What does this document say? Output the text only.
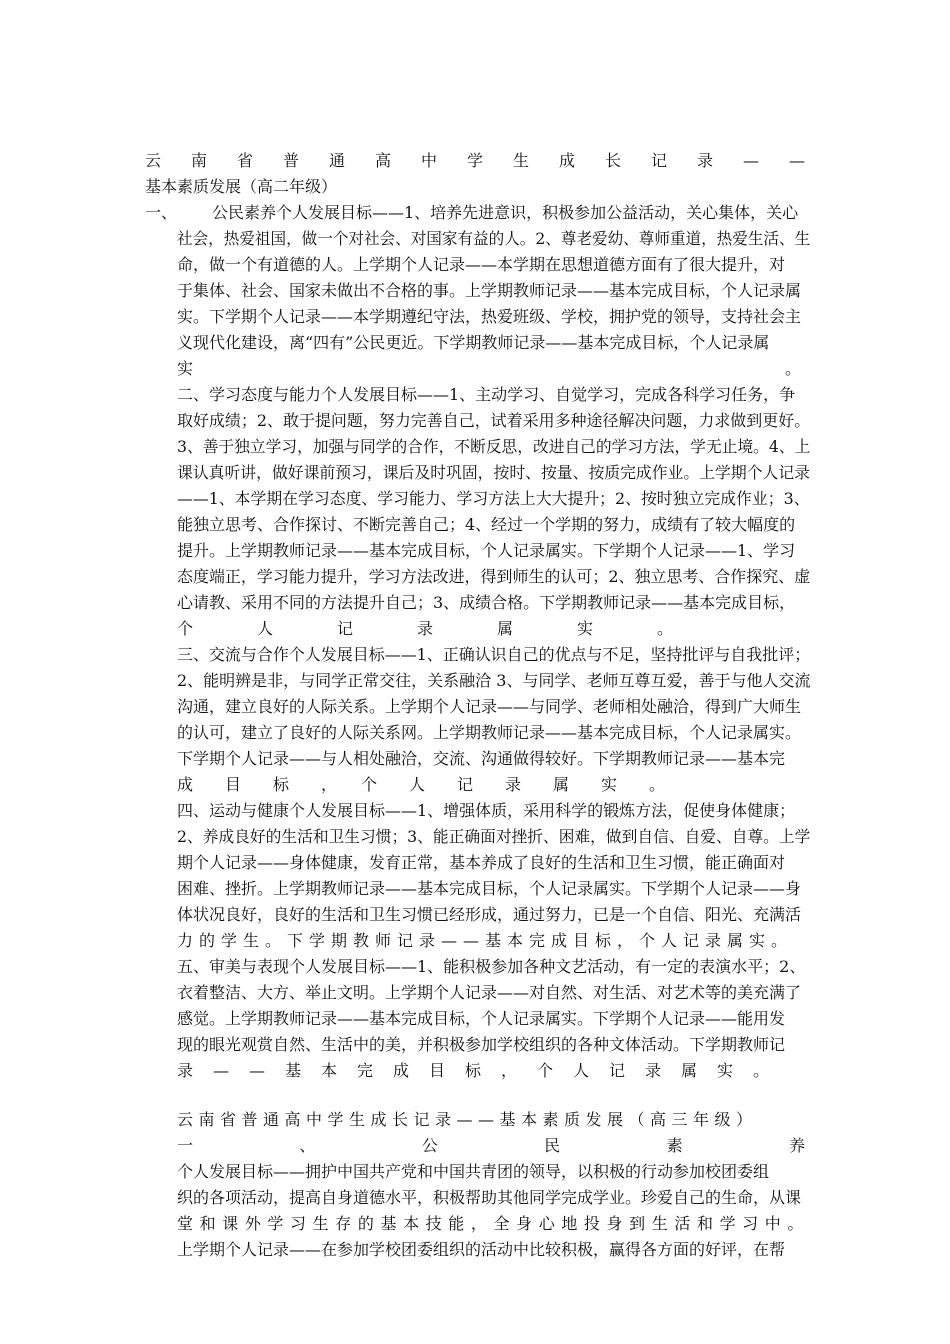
云 南 省 普 通 高 中 学 生 成 长 记 录 — —
基本素质发展（高二年级）
一、 公民素养个人发展目标——1、培养先进意识，积极参加公益活动，关心集体，关心
社会，热爱祖国，做一个对社会、对国家有益的人。2、尊老爱幼、尊师重道，热爱生活、生
命，做一个有道德的人。上学期个人记录——本学期在思想道德方面有了很大提升，对
于集体、社会、国家未做出不合格的事。上学期教师记录——基本完成目标，个人记录属
实。下学期个人记录——本学期遵纪守法，热爱班级、学校，拥护党的领导，支持社会主
义现代化建设，离“四有”公民更近。下学期教师记录——基本完成目标，个人记录属
实　　　　　　　　　　　　　　　　　　　　　　　　　　　　　　　　　　　　　。
二、学习态度与能力个人发展目标——1、主动学习、自觉学习，完成各科学习任务，争
取好成绩；2、敢于提问题，努力完善自己，试着采用多种途径解决问题，力求做到更好。
3、善于独立学习，加强与同学的合作，不断反思，改进自己的学习方法，学无止境。4、上
课认真听讲，做好课前预习，课后及时巩固，按时、按量、按质完成作业。上学期个人记录
——1、本学期在学习态度、学习能力、学习方法上大大提升；2、按时独立完成作业；3、
能独立思考、合作探讨、不断完善自己；4、经过一个学期的努力，成绩有了较大幅度的
提升。上学期教师记录——基本完成目标，个人记录属实。下学期个人记录——1、学习
态度端正，学习能力提升，学习方法改进，得到师生的认可；2、独立思考、合作探究、虚
心请教、采用不同的方法提升自己；3、成绩合格。下学期教师记录——基本完成目标，
个　　　　人　　　　记　　　　录　　　　属　　　　实　　　　。
三、交流与合作个人发展目标——1、正确认识自己的优点与不足，坚持批评与自我批评；
2、能明辨是非，与同学正常交往，关系融洽 3、与同学、老师互尊互爱，善于与他人交流
沟通，建立良好的人际关系。上学期个人记录——与同学、老师相处融洽，得到广大师生
的认可，建立了良好的人际关系网。上学期教师记录——基本完成目标，个人记录属实。
下学期个人记录——与人相处融洽，交流、沟通做得较好。下学期教师记录——基本完
成　　目　　标　　，　　个　　人　　记　　录　　属　　实　　。
四、运动与健康个人发展目标——1、增强体质，采用科学的锻炼方法，促使身体健康；
2、养成良好的生活和卫生习惯；3、能正确面对挫折、困难，做到自信、自爱、自尊。上学
期个人记录——身体健康，发育正常，基本养成了良好的生活和卫生习惯，能正确面对
困难、挫折。上学期教师记录——基本完成目标，个人记录属实。下学期个人记录——身
体状况良好，良好的生活和卫生习惯已经形成，通过努力，已是一个自信、阳光、充满活
力的学生。下学期教师记录——基本完成目标，个人记录属实。
五、审美与表现个人发展目标——1、能积极参加各种文艺活动，有一定的表演水平；2、
衣着整洁、大方、举止文明。上学期个人记录——对自然、对生活、对艺术等的美充满了
感觉。上学期教师记录——基本完成目标，个人记录属实。下学期个人记录——能用发
现的眼光观赏自然、生活中的美，并积极参加学校组织的各种文体活动。下学期教师记
录——基本完成目标，个人记录属实。
云南省普通高中学生成长记录——基本素质发展（高三年级）
一	、	公	民	素	养
个人发展目标——拥护中国共产党和中国共青团的领导，以积极的行动参加校团委组
织的各项活动，提高自身道德水平，积极帮助其他同学完成学业。珍爱自己的生命，从课
堂和课外学习生存的基本技能，全身心地投身到生活和学习中。
上学期个人记录——在参加学校团委组织的活动中比较积极，赢得各方面的好评，在帮
